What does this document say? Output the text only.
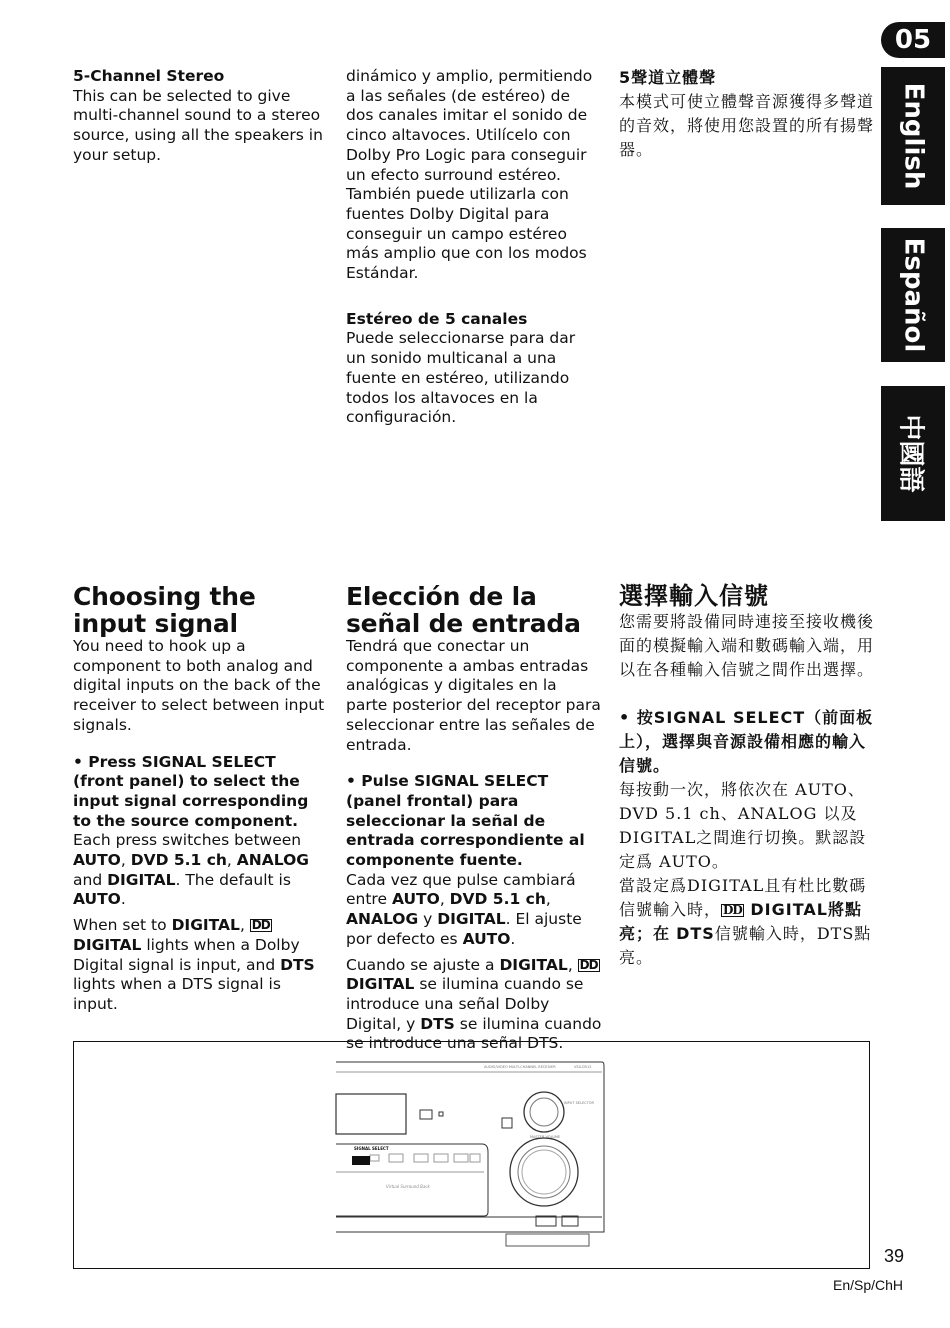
05
English
Español
中國語

5-Channel Stereo

This can be selected to give multi-channel sound to a stereo source, using all the speakers in your setup.

dinámico y amplio, permitiendo a las señales (de estéreo) de dos canales imitar el sonido de cinco altavoces. Utilícelo con Dolby Pro Logic para conseguir un efecto surround estéreo. También puede utilizarla con fuentes Dolby Digital para conseguir un campo estéreo más amplio que con los modos Estándar.

Estéreo de 5 canales

Puede seleccionarse para dar un sonido multicanal a una fuente en estéreo, utilizando todos los altavoces en la configuración.

5聲道立體聲

本模式可使立體聲音源獲得多聲道的音效，將使用您設置的所有揚聲器。

Choosing the input signal

You need to hook up a component to both analog and digital inputs on the back of the receiver to select between input signals.

• Press SIGNAL SELECT (front panel) to select the input signal corresponding to the source component.

Each press switches between AUTO, DVD 5.1 ch, ANALOG and DIGITAL. The default is AUTO.

When set to DIGITAL, DD DIGITAL lights when a Dolby Digital signal is input, and DTS lights when a DTS signal is input.

Elección de la señal de entrada

Tendrá que conectar un componente a ambas entradas analógicas y digitales en la parte posterior del receptor para seleccionar entre las señales de entrada.

• Pulse SIGNAL SELECT (panel frontal) para seleccionar la señal de entrada correspondiente al componente fuente.

Cada vez que pulse cambiará entre AUTO, DVD 5.1 ch, ANALOG y DIGITAL. El ajuste por defecto es AUTO.

Cuando se ajuste a DIGITAL, DD DIGITAL se ilumina cuando se introduce una señal Dolby Digital, y DTS se ilumina cuando se introduce una señal DTS.

選擇輸入信號

您需要將設備同時連接至接收機後面的模擬輸入端和數碼輸入端，用以在各種輸入信號之間作出選擇。

• 按SIGNAL SELECT（前面板上），選擇與音源設備相應的輸入信號。

每按動一次，將依次在 AUTO、DVD 5.1 ch、ANALOG 以及 DIGITAL之間進行切換。默認設定爲 AUTO。

當設定爲DIGITAL且有杜比數碼信號輸入時， DD DIGITAL將點亮；在 DTS信號輸入時，DTS點亮。

SIGNAL SELECT
AUDIO/VIDEO MULTI-CHANNEL RECEIVER	VSX-D512
MASTER VOLUME
INPUT SELECTOR
Virtual Surround Back
39
En/Sp/ChH
